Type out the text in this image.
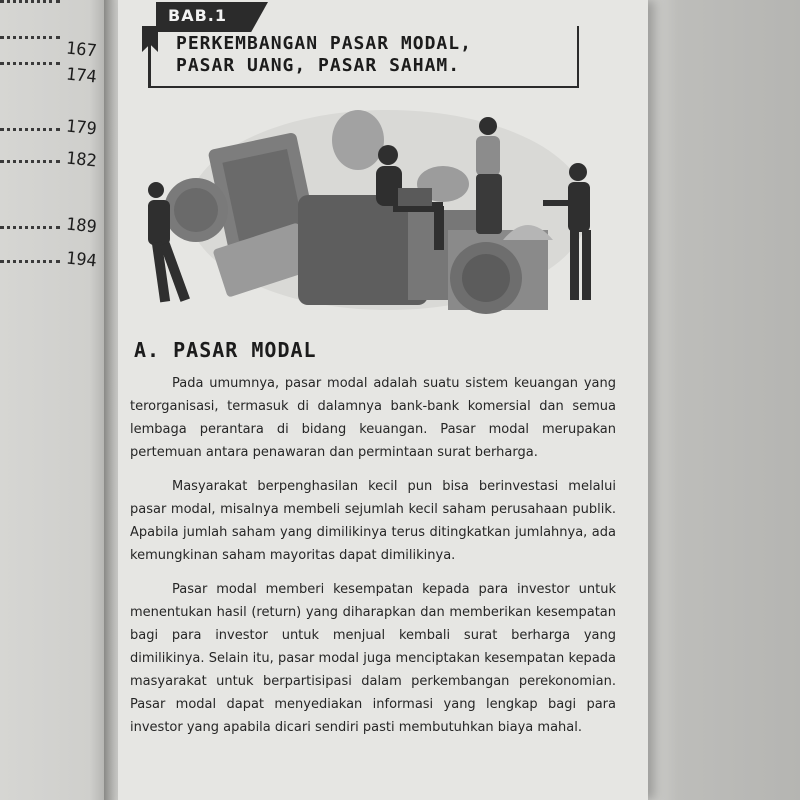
167
174
179
182
189
194
BAB.1
PERKEMBANGAN PASAR MODAL,
PASAR UANG, PASAR SAHAM.
A. PASAR MODAL

Pada umumnya, pasar modal adalah suatu sistem keuangan yang terorganisasi, termasuk di dalamnya bank-bank komersial dan semua lembaga perantara di bidang keuangan. Pasar modal merupakan pertemuan antara penawaran dan permintaan surat berharga.

Masyarakat berpenghasilan kecil pun bisa berinvestasi melalui pasar modal, misalnya membeli sejumlah kecil saham perusahaan publik. Apabila jumlah saham yang dimilikinya terus ditingkatkan jumlahnya, ada kemungkinan saham mayoritas dapat dimilikinya.

Pasar modal memberi kesempatan kepada para investor untuk menentukan hasil (return) yang diharapkan dan memberikan kesempatan bagi para investor untuk menjual kembali surat berharga yang dimilikinya. Selain itu, pasar modal juga menciptakan kesempatan kepada masyarakat untuk berpartisipasi dalam perkembangan perekonomian. Pasar modal dapat menyediakan informasi yang lengkap bagi para investor yang apabila dicari sendiri pasti membutuhkan biaya mahal.
